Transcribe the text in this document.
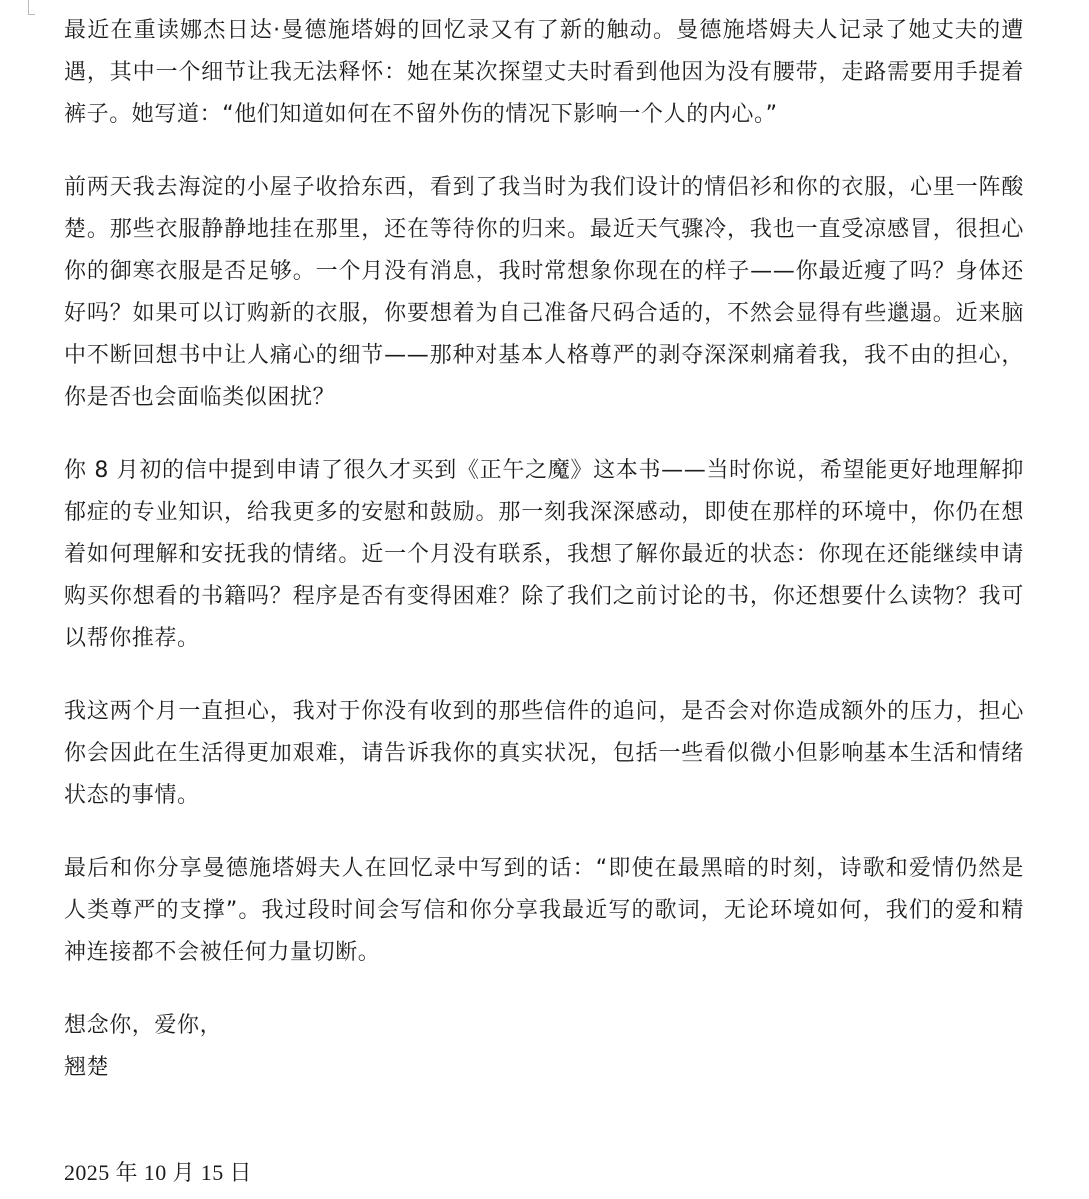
最近在重读娜杰日达·曼德施塔姆的回忆录又有了新的触动。曼德施塔姆夫人记录了她丈夫的遭遇，其中一个细节让我无法释怀：她在某次探望丈夫时看到他因为没有腰带，走路需要用手提着裤子。她写道：“他们知道如何在不留外伤的情况下影响一个人的内心。”

前两天我去海淀的小屋子收拾东西，看到了我当时为我们设计的情侣衫和你的衣服，心里一阵酸楚。那些衣服静静地挂在那里，还在等待你的归来。最近天气骤冷，我也一直受凉感冒，很担心你的御寒衣服是否足够。一个月没有消息，我时常想象你现在的样子——你最近瘦了吗？身体还好吗？如果可以订购新的衣服，你要想着为自己准备尺码合适的，不然会显得有些邋遢。近来脑中不断回想书中让人痛心的细节——那种对基本人格尊严的剥夺深深刺痛着我，我不由的担心，你是否也会面临类似困扰？

你 8 月初的信中提到申请了很久才买到《正午之魔》这本书——当时你说，希望能更好地理解抑郁症的专业知识，给我更多的安慰和鼓励。那一刻我深深感动，即使在那样的环境中，你仍在想着如何理解和安抚我的情绪。近一个月没有联系，我想了解你最近的状态：你现在还能继续申请购买你想看的书籍吗？程序是否有变得困难？除了我们之前讨论的书，你还想要什么读物？我可以帮你推荐。

我这两个月一直担心，我对于你没有收到的那些信件的追问，是否会对你造成额外的压力，担心你会因此在生活得更加艰难，请告诉我你的真实状况，包括一些看似微小但影响基本生活和情绪状态的事情。

最后和你分享曼德施塔姆夫人在回忆录中写到的话：“即使在最黑暗的时刻，诗歌和爱情仍然是人类尊严的支撑”。我过段时间会写信和你分享我最近写的歌词，无论环境如何，我们的爱和精神连接都不会被任何力量切断。

想念你，爱你，

翘楚

2025 年 10 月 15 日
